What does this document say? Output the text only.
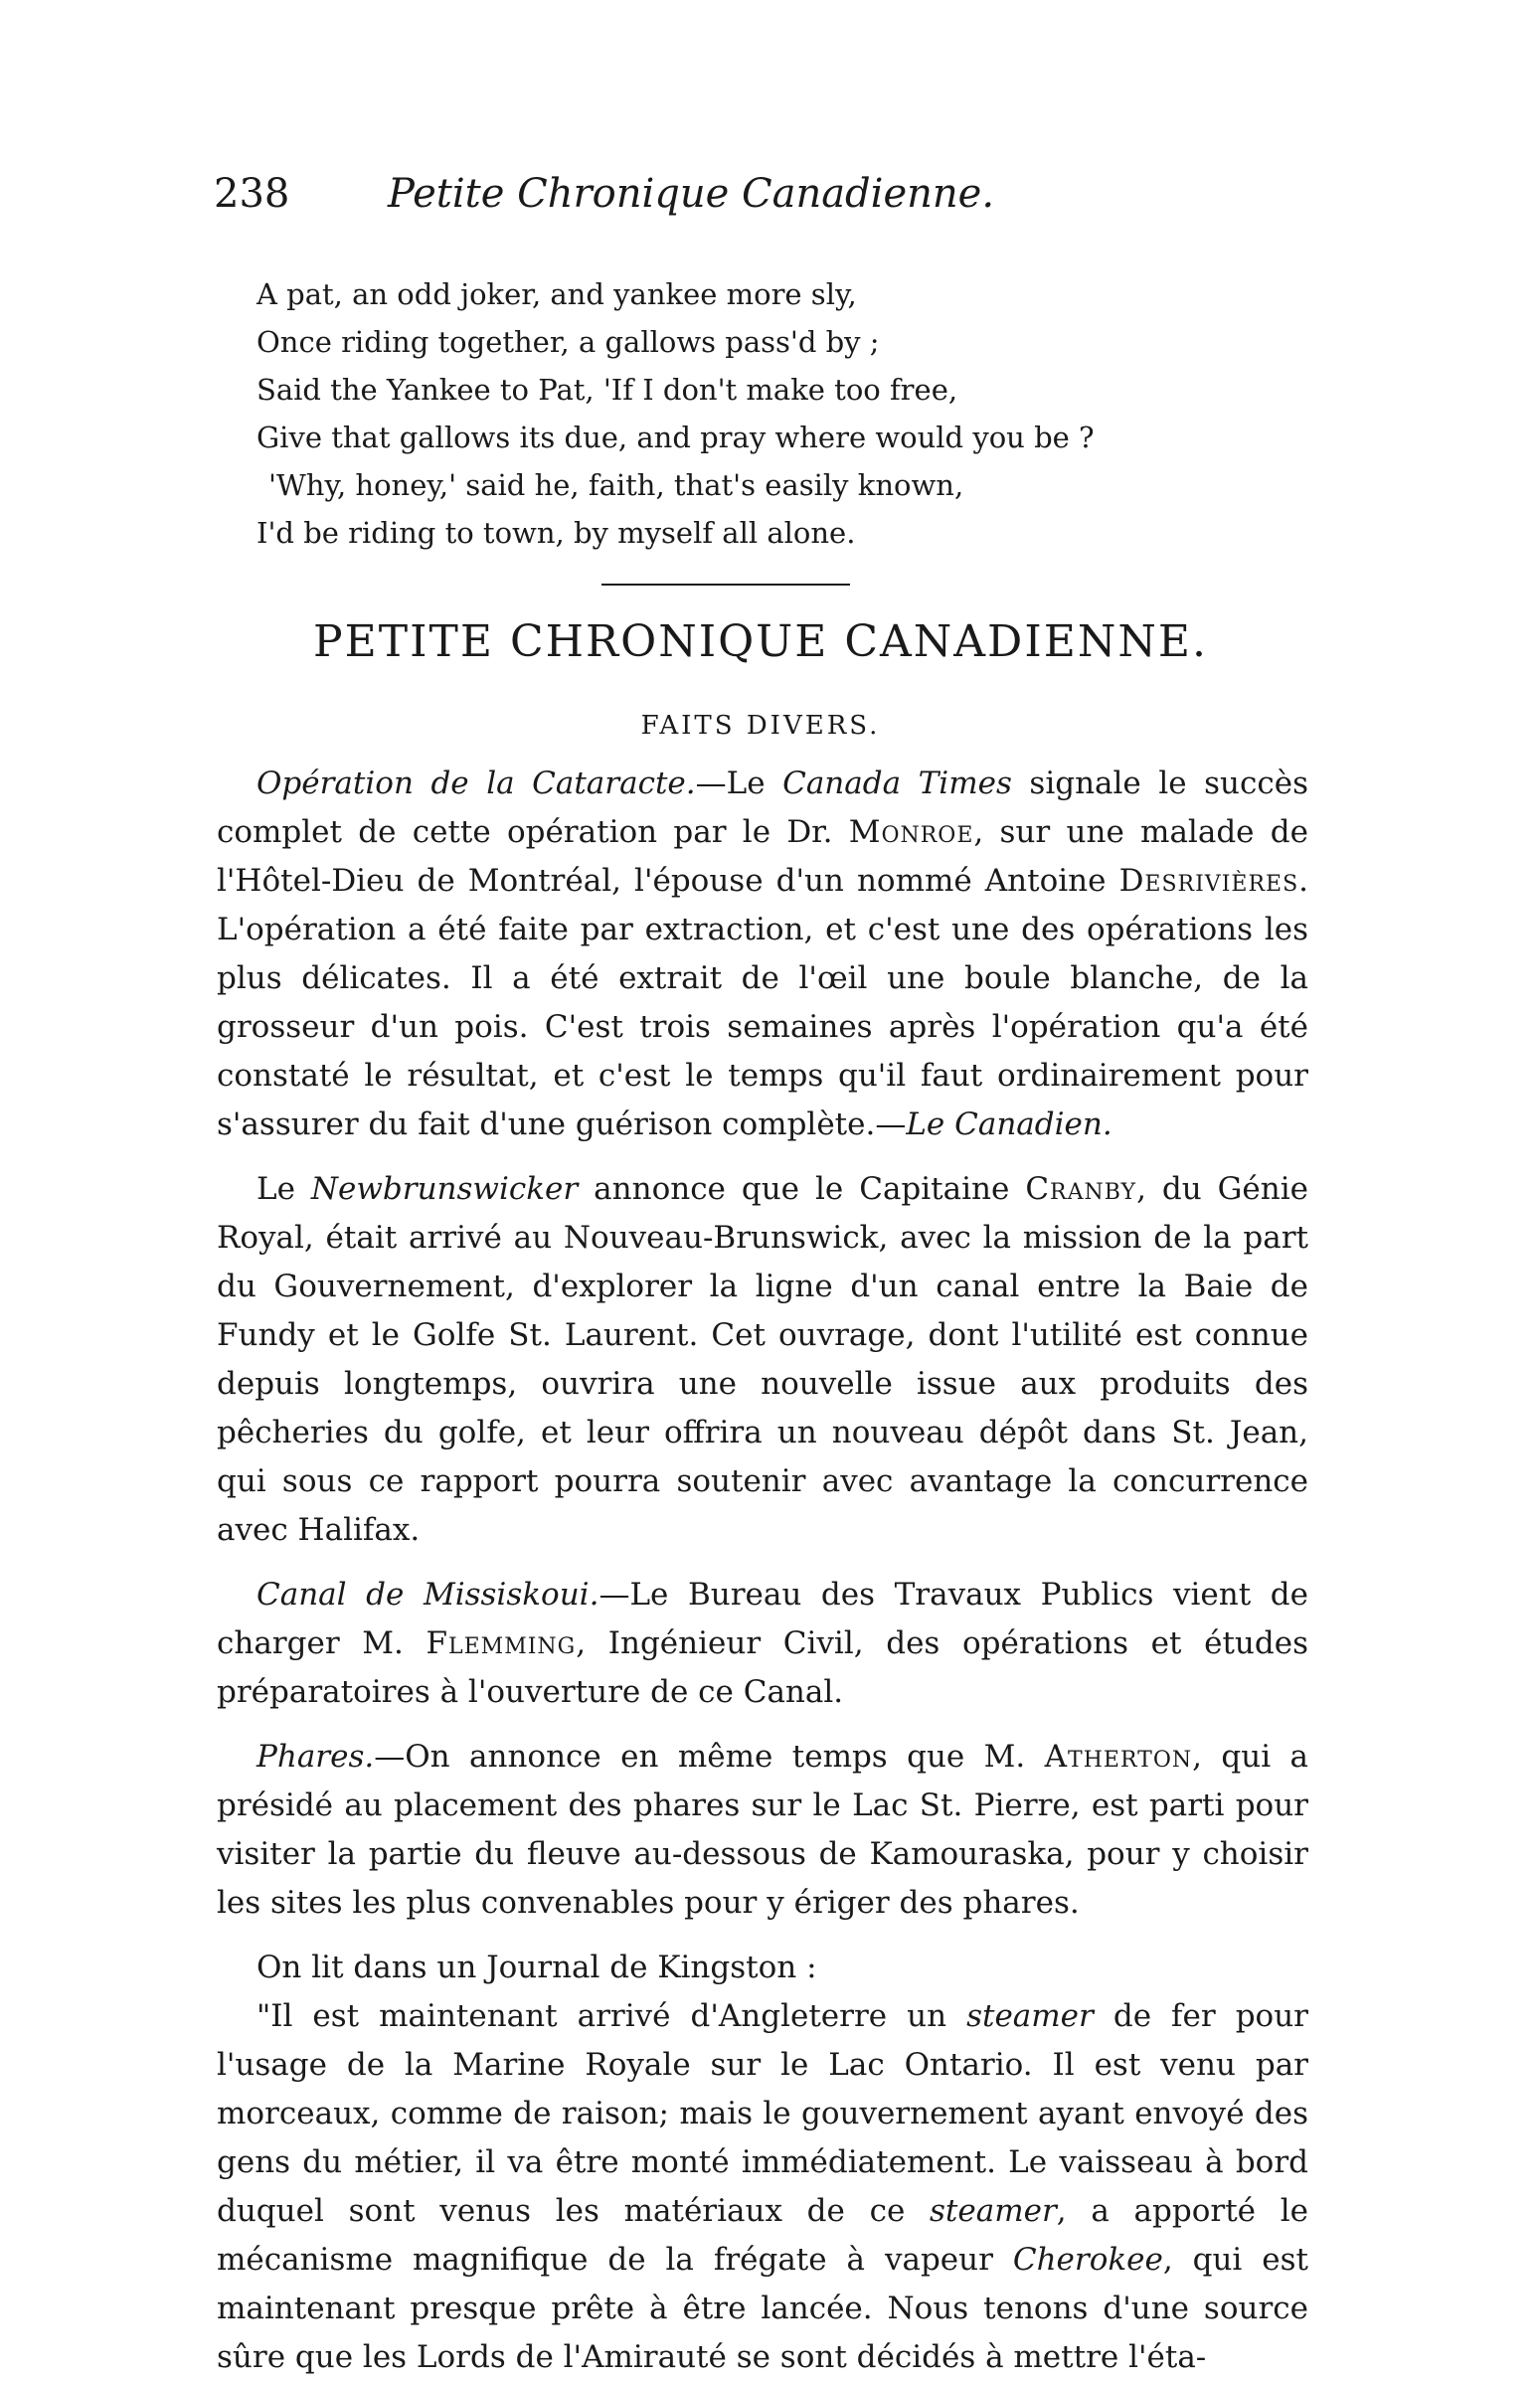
238 Petite Chronique Canadienne.
A pat, an odd joker, and yankee more sly,
Once riding together, a gallows pass'd by ;
Said the Yankee to Pat, 'If I don't make too free,
Give that gallows its due, and pray where would you be ?
'Why, honey,' said he, faith, that's easily known,
I'd be riding to town, by myself all alone.
PETITE CHRONIQUE CANADIENNE.
FAITS DIVERS.

Opération de la Cataracte.—Le Canada Times signale le succès complet de cette opération par le Dr. Monroe, sur une malade de l'Hôtel-Dieu de Montréal, l'épouse d'un nommé Antoine Desrivières. L'opération a été faite par extraction, et c'est une des opérations les plus délicates. Il a été extrait de l'œil une boule blanche, de la grosseur d'un pois. C'est trois semaines après l'opération qu'a été constaté le résultat, et c'est le temps qu'il faut ordinairement pour s'assurer du fait d'une guérison complète.—Le Canadien.

Le Newbrunswicker annonce que le Capitaine Cranby, du Génie Royal, était arrivé au Nouveau-Brunswick, avec la mission de la part du Gouvernement, d'explorer la ligne d'un canal entre la Baie de Fundy et le Golfe St. Laurent. Cet ouvrage, dont l'utilité est connue depuis longtemps, ouvrira une nouvelle issue aux produits des pêcheries du golfe, et leur offrira un nouveau dépôt dans St. Jean, qui sous ce rapport pourra soutenir avec avantage la concurrence avec Halifax.

Canal de Missiskoui.—Le Bureau des Travaux Publics vient de charger M. Flemming, Ingénieur Civil, des opérations et études préparatoires à l'ouverture de ce Canal.

Phares.—On annonce en même temps que M. Atherton, qui a présidé au placement des phares sur le Lac St. Pierre, est parti pour visiter la partie du fleuve au-dessous de Kamouraska, pour y choisir les sites les plus convenables pour y ériger des phares.

On lit dans un Journal de Kingston :

"Il est maintenant arrivé d'Angleterre un steamer de fer pour l'usage de la Marine Royale sur le Lac Ontario. Il est venu par morceaux, comme de raison; mais le gouvernement ayant envoyé des gens du métier, il va être monté immédiatement. Le vaisseau à bord duquel sont venus les matériaux de ce steamer, a apporté le mécanisme magnifique de la frégate à vapeur Cherokee, qui est maintenant presque prête à être lancée. Nous tenons d'une source sûre que les Lords de l'Amirauté se sont décidés à mettre l'éta-
